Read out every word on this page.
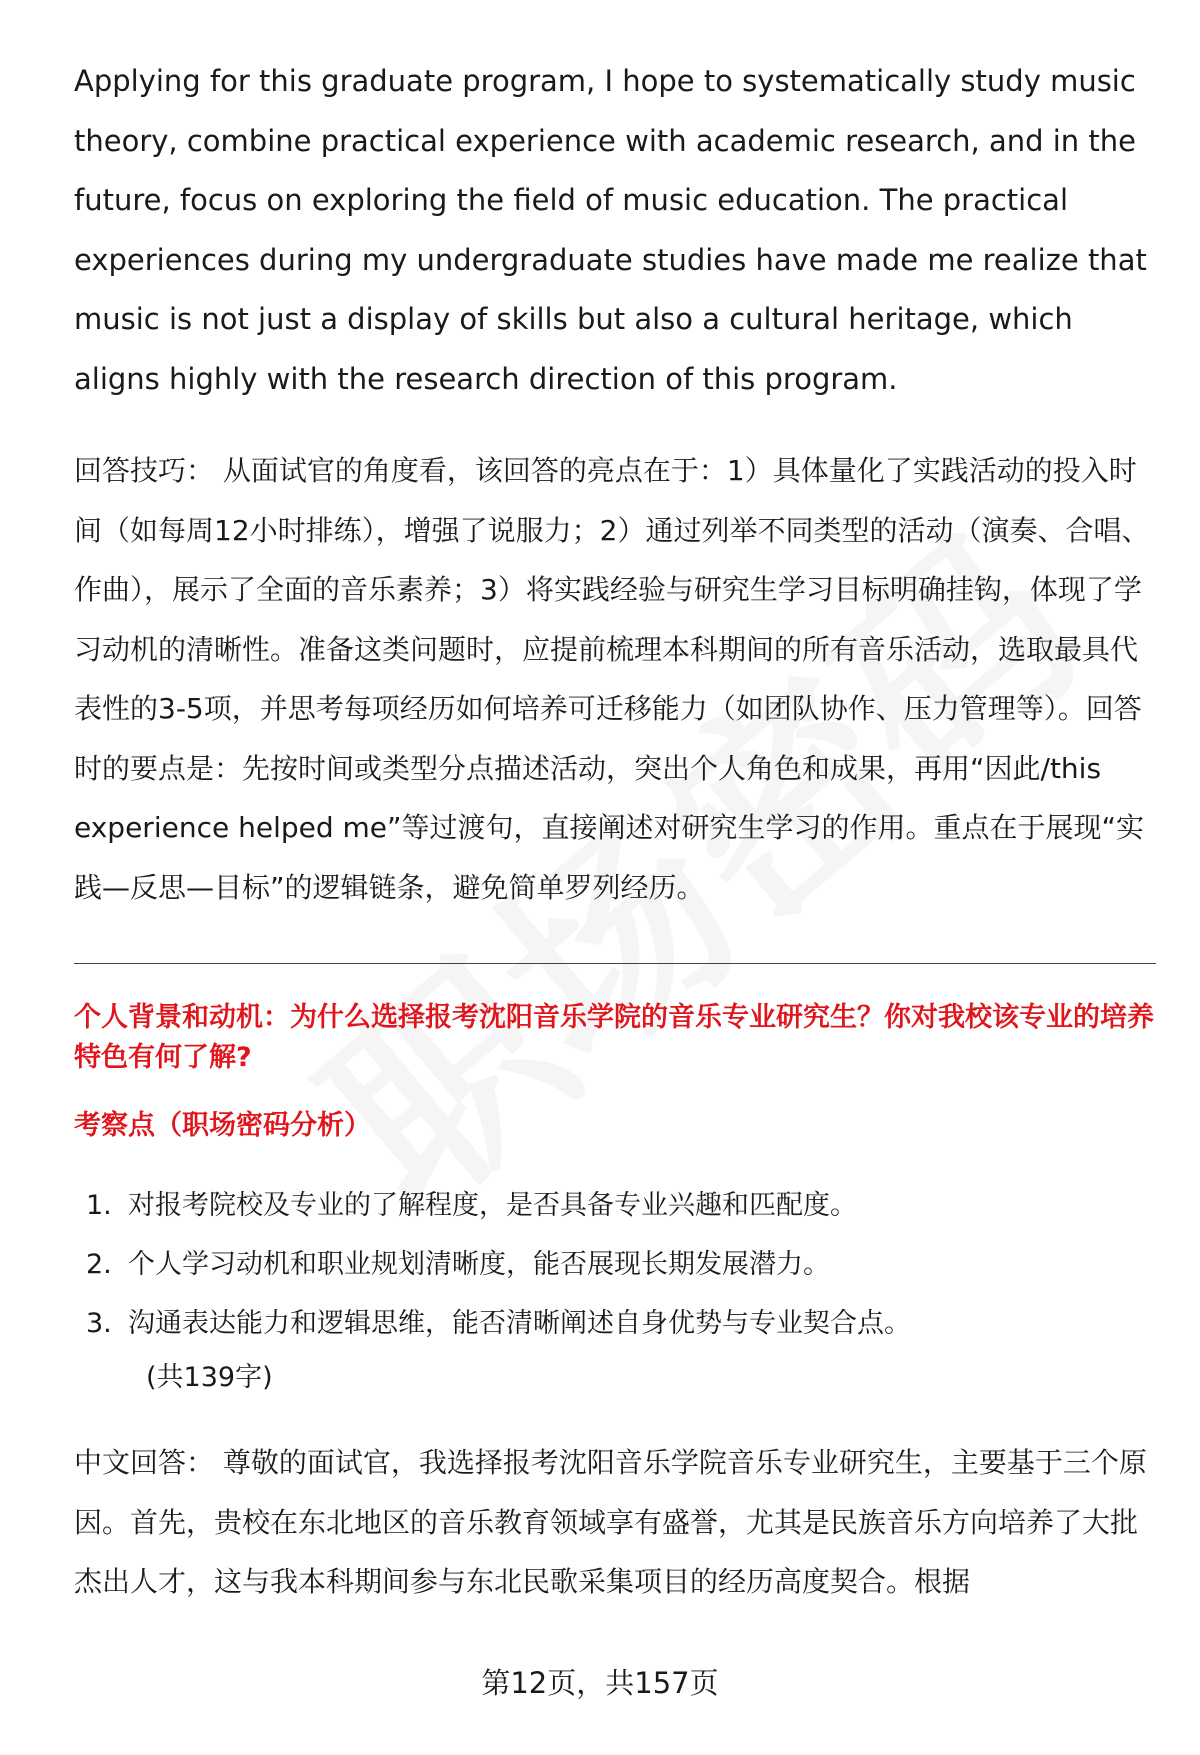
Applying for this graduate program, I hope to systematically study music theory, combine practical experience with academic research, and in the future, focus on exploring the field of music education. The practical experiences during my undergraduate studies have made me realize that music is not just a display of skills but also a cultural heritage, which aligns highly with the research direction of this program.

回答技巧： 从面试官的角度看，该回答的亮点在于：1）具体量化了实践活动的投入时间（如每周12小时排练），增强了说服力；2）通过列举不同类型的活动（演奏、合唱、作曲），展示了全面的音乐素养；3）将实践经验与研究生学习目标明确挂钩，体现了学习动机的清晰性。准备这类问题时，应提前梳理本科期间的所有音乐活动，选取最具代表性的3-5项，并思考每项经历如何培养可迁移能力（如团队协作、压力管理等）。回答时的要点是：先按时间或类型分点描述活动，突出个人角色和成果，再用“因此/this experience helped me”等过渡句，直接阐述对研究生学习的作用。重点在于展现“实践—反思—目标”的逻辑链条，避免简单罗列经历。

个人背景和动机：为什么选择报考沈阳音乐学院的音乐专业研究生？你对我校该专业的培养特色有何了解?

考察点（职场密码分析）

1. 对报考院校及专业的了解程度，是否具备专业兴趣和匹配度。
2. 个人学习动机和职业规划清晰度，能否展现长期发展潜力。
3. 沟通表达能力和逻辑思维，能否清晰阐述自身优势与专业契合点。

(共139字)

中文回答： 尊敬的面试官，我选择报考沈阳音乐学院音乐专业研究生，主要基于三个原因。首先，贵校在东北地区的音乐教育领域享有盛誉，尤其是民族音乐方向培养了大批杰出人才，这与我本科期间参与东北民歌采集项目的经历高度契合。根据

第12页，共157页
